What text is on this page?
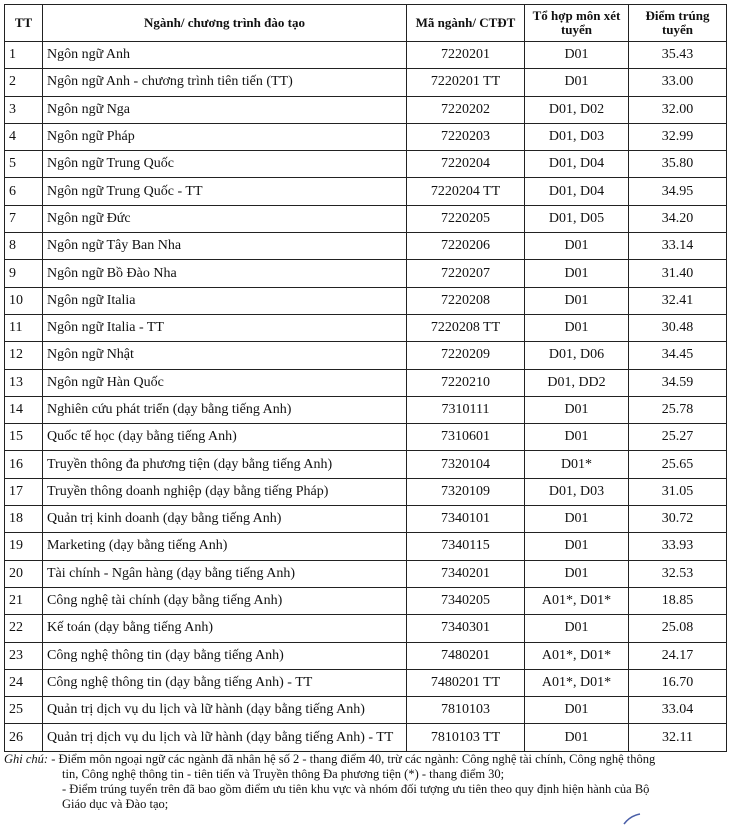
TT	Ngành/ chương trình đào tạo	Mã ngành/ CTĐT	Tổ hợp môn xét tuyển	Điểm trúng tuyển
1	Ngôn ngữ Anh	7220201	D01	35.43
2	Ngôn ngữ Anh - chương trình tiên tiến (TT)	7220201 TT	D01	33.00
3	Ngôn ngữ Nga	7220202	D01, D02	32.00
4	Ngôn ngữ Pháp	7220203	D01, D03	32.99
5	Ngôn ngữ Trung Quốc	7220204	D01, D04	35.80
6	Ngôn ngữ Trung Quốc - TT	7220204 TT	D01, D04	34.95
7	Ngôn ngữ Đức	7220205	D01, D05	34.20
8	Ngôn ngữ Tây Ban Nha	7220206	D01	33.14
9	Ngôn ngữ Bồ Đào Nha	7220207	D01	31.40
10	Ngôn ngữ Italia	7220208	D01	32.41
11	Ngôn ngữ Italia - TT	7220208 TT	D01	30.48
12	Ngôn ngữ Nhật	7220209	D01, D06	34.45
13	Ngôn ngữ Hàn Quốc	7220210	D01, DD2	34.59
14	Nghiên cứu phát triển (dạy bằng tiếng Anh)	7310111	D01	25.78
15	Quốc tế học (dạy bằng tiếng Anh)	7310601	D01	25.27
16	Truyền thông đa phương tiện (dạy bằng tiếng Anh)	7320104	D01*	25.65
17	Truyền thông doanh nghiệp (dạy bằng tiếng Pháp)	7320109	D01, D03	31.05
18	Quản trị kinh doanh (dạy bằng tiếng Anh)	7340101	D01	30.72
19	Marketing (dạy bằng tiếng Anh)	7340115	D01	33.93
20	Tài chính - Ngân hàng (dạy bằng tiếng Anh)	7340201	D01	32.53
21	Công nghệ tài chính (dạy bằng tiếng Anh)	7340205	A01*, D01*	18.85
22	Kế toán (dạy bằng tiếng Anh)	7340301	D01	25.08
23	Công nghệ thông tin (dạy bằng tiếng Anh)	7480201	A01*, D01*	24.17
24	Công nghệ thông tin (dạy bằng tiếng Anh) - TT	7480201 TT	A01*, D01*	16.70
25	Quản trị dịch vụ du lịch và lữ hành (dạy bằng tiếng Anh)	7810103	D01	33.04
26	Quản trị dịch vụ du lịch và lữ hành (dạy bằng tiếng Anh) - TT	7810103 TT	D01	32.11
Ghi chú: - Điểm môn ngoại ngữ các ngành đã nhân hệ số 2 - thang điểm 40, trừ các ngành: Công nghệ tài chính, Công nghệ thông
tin, Công nghệ thông tin - tiên tiến và Truyền thông Đa phương tiện (*) - thang điểm 30;
- Điểm trúng tuyển trên đã bao gồm điểm ưu tiên khu vực và nhóm đối tượng ưu tiên theo quy định hiện hành của Bộ
Giáo dục và Đào tạo;
